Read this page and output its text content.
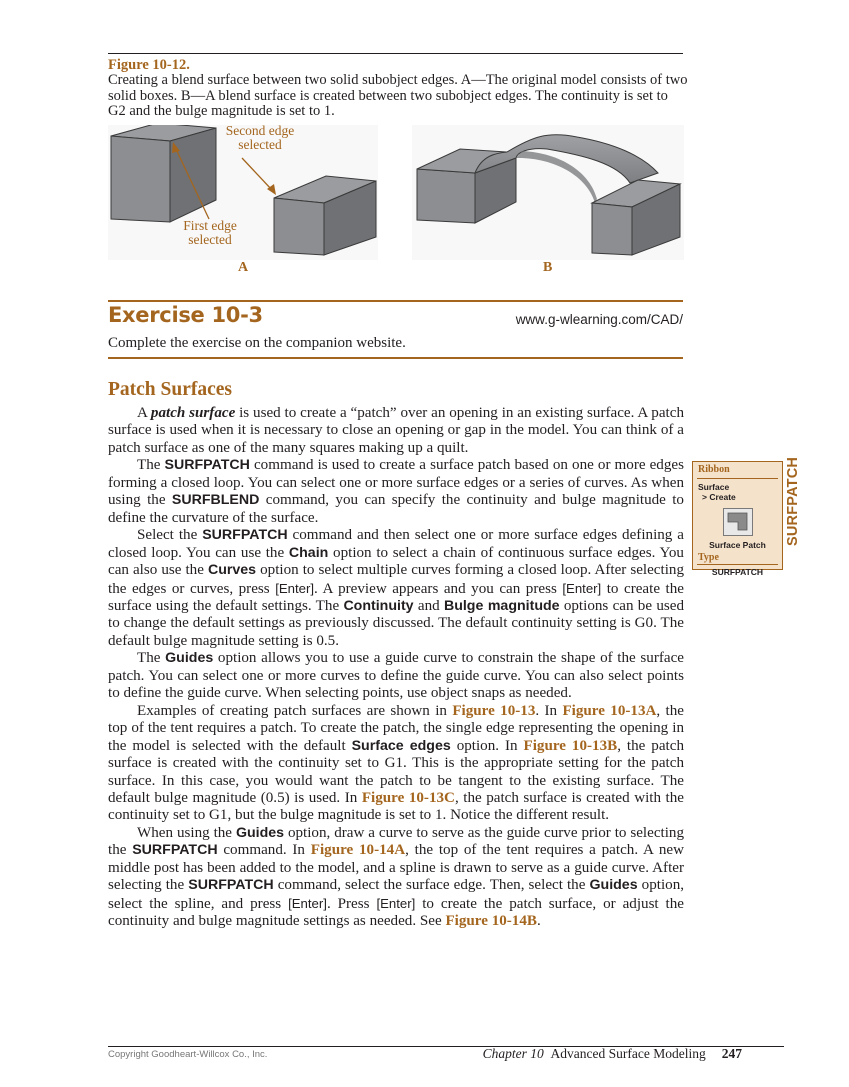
Figure 10-12.
Creating a blend surface between two solid subobject edges. A—The original model consists of two solid boxes. B—A blend surface is created between two subobject edges. The continuity is set to G2 and the bulge magnitude is set to 1.
Second edge
selected
First edge
selected
A	B
Exercise 10-3	www.g-wlearning.com/CAD/
Complete the exercise on the companion website.
Patch Surfaces

A patch surface is used to create a “patch” over an opening in an existing surface. A patch surface is used when it is necessary to close an opening or gap in the model. You can think of a patch surface as one of the many squares making up a quilt.

The SURFPATCH command is used to create a surface patch based on one or more edges forming a closed loop. You can select one or more surface edges or a series of curves. As when using the SURFBLEND command, you can specify the continuity and bulge magnitude to define the curvature of the surface.

Select the SURFPATCH command and then select one or more surface edges defining a closed loop. You can use the Chain option to select a chain of continuous surface edges. You can also use the Curves option to select multiple curves forming a closed loop. After selecting the edges or curves, press [Enter]. A preview appears and you can press [Enter] to create the surface using the default settings. The Continuity and Bulge magnitude options can be used to change the default settings as previously discussed. The default continuity setting is G0. The default bulge magnitude setting is 0.5.

The Guides option allows you to use a guide curve to constrain the shape of the surface patch. You can select one or more curves to define the guide curve. You can also select points to define the guide curve. When selecting points, use object snaps as needed.

Examples of creating patch surfaces are shown in Figure 10-13. In Figure 10-13A, the top of the tent requires a patch. To create the patch, the single edge representing the opening in the model is selected with the default Surface edges option. In Figure 10-13B, the patch surface is created with the continuity set to G1. This is the appropriate setting for the patch surface. In this case, you would want the patch to be tangent to the existing surface. The default bulge magnitude (0.5) is used. In Figure 10-13C, the patch surface is created with the continuity set to G1, but the bulge magnitude is set to 1. Notice the different result.

When using the Guides option, draw a curve to serve as the guide curve prior to selecting the SURFPATCH command. In Figure 10-14A, the top of the tent requires a patch. A new middle post has been added to the model, and a spline is drawn to serve as a guide curve. After selecting the SURFPATCH command, select the surface edge. Then, select the Guides option, select the spline, and press [Enter]. Press [Enter] to create the patch surface, or adjust the continuity and bulge magnitude settings as needed. See Figure 10-14B.

Ribbon
Surface
> Create
Surface Patch
Type
SURFPATCH
SURFPATCH
Copyright Goodheart-Willcox Co., Inc.	Chapter 10 Advanced Surface Modeling 247
